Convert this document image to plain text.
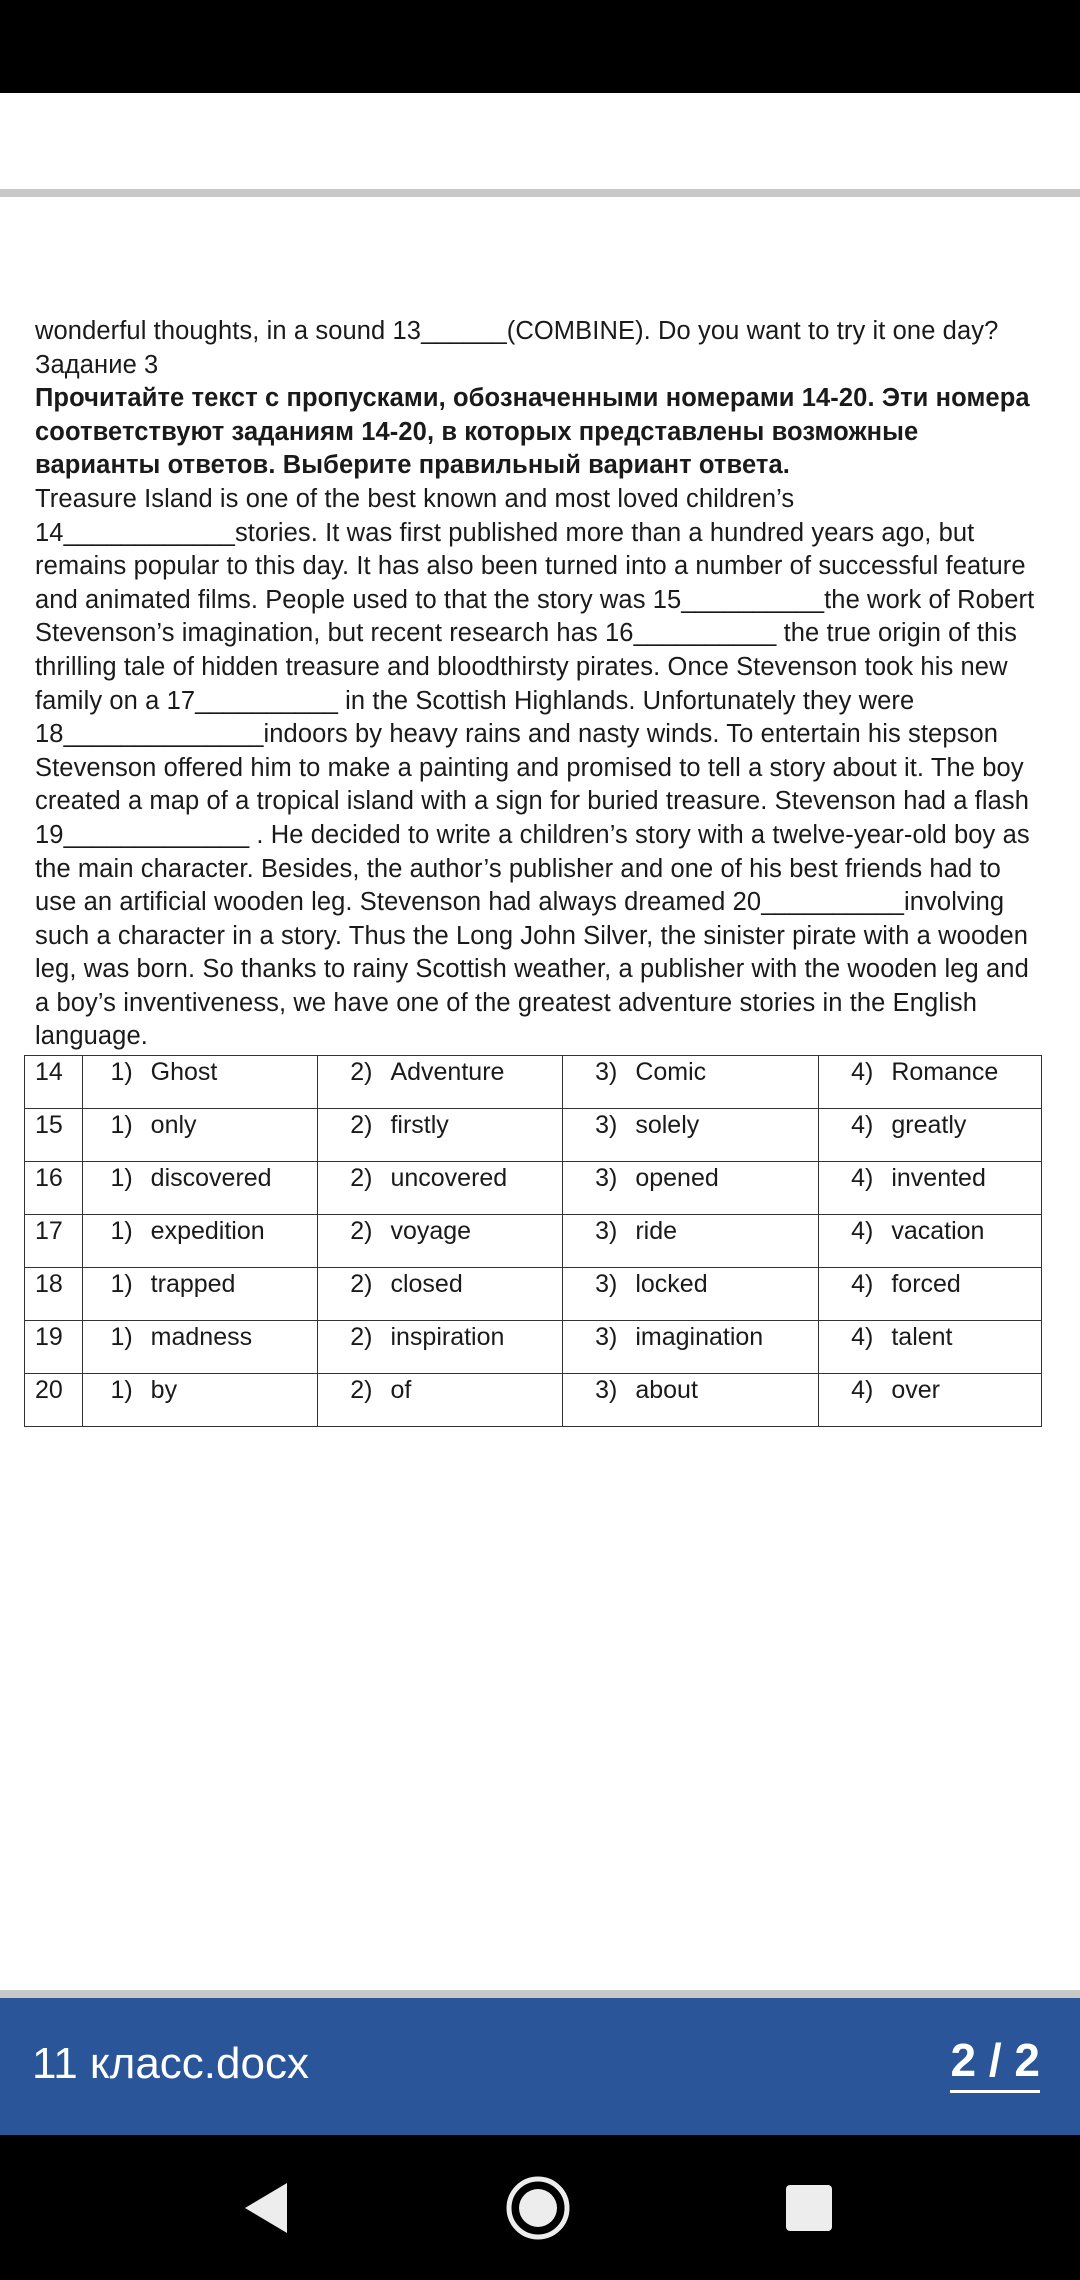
wonderful thoughts, in a sound 13______(COMBINE). Do you want to try it one day?

Задание 3

Прочитайте текст с пропусками, обозначенными номерами 14-20. Эти номера соответствуют заданиям 14-20, в которых представлены возможные варианты ответов. Выберите правильный вариант ответа.

Treasure Island is one of the best known and most loved children’s

14____________stories. It was first published more than a hundred years ago, but

remains popular to this day. It has also been turned into a number of successful feature

and animated films. People used to that the story was 15__________the work of Robert

Stevenson’s imagination, but recent research has 16__________ the true origin of this

thrilling tale of hidden treasure and bloodthirsty pirates. Once Stevenson took his new

family on a 17__________ in the Scottish Highlands. Unfortunately they were

18______________indoors by heavy rains and nasty winds. To entertain his stepson

Stevenson offered him to make a painting and promised to tell a story about it. The boy

created a map of a tropical island with a sign for buried treasure. Stevenson had a flash

19_____________ . He decided to write a children’s story with a twelve-year-old boy as

the main character. Besides, the author’s publisher and one of his best friends had to

use an artificial wooden leg. Stevenson had always dreamed 20__________involving

such a character in a story. Thus the Long John Silver, the sinister pirate with a wooden

leg, was born. So thanks to rainy Scottish weather, a publisher with the wooden leg and

a boy’s inventiveness, we have one of the greatest adventure stories in the English

language.

14	1) Ghost	2) Adventure	3) Comic	4) Romance
15	1) only	2) firstly	3) solely	4) greatly
16	1) discovered	2) uncovered	3) opened	4) invented
17	1) expedition	2) voyage	3) ride	4) vacation
18	1) trapped	2) closed	3) locked	4) forced
19	1) madness	2) inspiration	3) imagination	4) talent
20	1) by	2) of	3) about	4) over
11 класс.docx	2 / 2
